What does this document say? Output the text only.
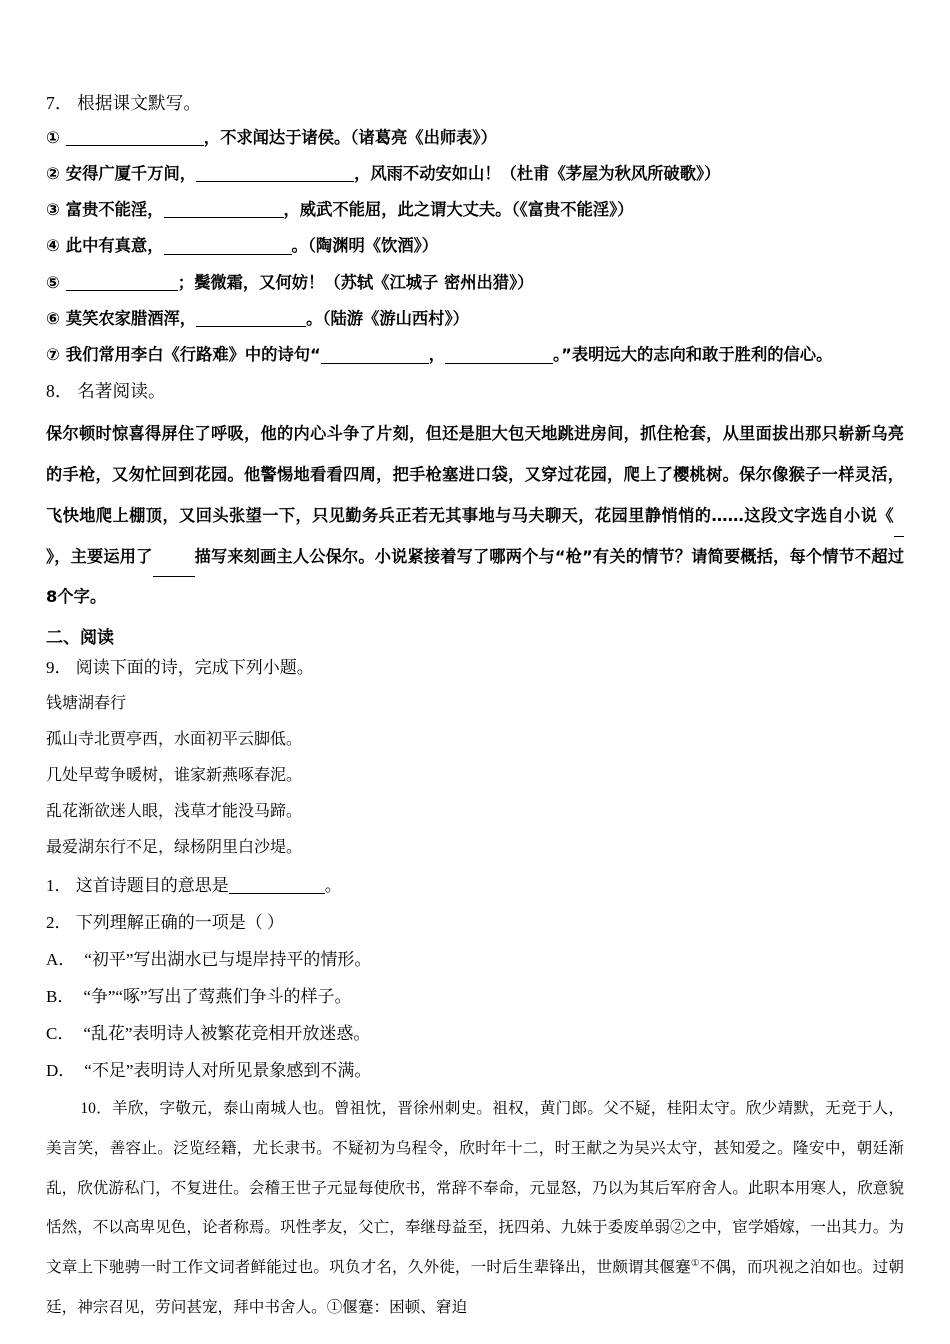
7． 根据课文默写。
①	，不求闻达于诸侯。（诸葛亮《出师表》）
② 安得广厦千万间，	，风雨不动安如山！（杜甫《茅屋为秋风所破歌》）
③ 富贵不能淫，	，威武不能屈，此之谓大丈夫。（《富贵不能淫》）
④ 此中有真意，	。（陶渊明《饮酒》）
⑤	；鬓微霜，又何妨！（苏轼《江城子 密州出猎》）
⑥ 莫笑农家腊酒浑，	。（陆游《游山西村》）
⑦ 我们常用李白《行路难》中的诗句“	，	。”表明远大的志向和敢于胜利的信心。
8． 名著阅读。

保尔顿时惊喜得屏住了呼吸，他的内心斗争了片刻，但还是胆大包天地跳进房间，抓住枪套，从里面拔出那只崭新乌亮的手枪，又匆忙回到花园。他警惕地看看四周，把手枪塞进口袋，又穿过花园，爬上了樱桃树。保尔像猴子一样灵活，飞快地爬上棚顶，又回头张望一下，只见勤务兵正若无其事地与马夫聊天，花园里静悄悄的……这段文字选自小说《》，主要运用了	描写来刻画主人公保尔。小说紧接着写了哪两个与“枪”有关的情节？请简要概括，每个情节不超过8个字。

二、阅读
9． 阅读下面的诗，完成下列小题。
钱塘湖春行
孤山寺北贾亭西，水面初平云脚低。
几处早莺争暖树，谁家新燕啄春泥。
乱花渐欲迷人眼，浅草才能没马蹄。
最爱湖东行不足，绿杨阴里白沙堤。
1． 这首诗题目的意思是	。
2． 下列理解正确的一项是（ ）
A． “初平”写出湖水已与堤岸持平的情形。
B． “争”“啄”写出了莺燕们争斗的样子。
C． “乱花”表明诗人被繁花竞相开放迷惑。
D． “不足”表明诗人对所见景象感到不满。

10．羊欣，字敬元，泰山南城人也。曾祖忱，晋徐州刺史。祖权，黄门郎。父不疑，桂阳太守。欣少靖默，无竞于人，美言笑，善容止。泛览经籍，尤长隶书。不疑初为乌程令，欣时年十二，时王献之为吴兴太守，甚知爱之。隆安中，朝廷渐乱，欣优游私门，不复进仕。会稽王世子元显每使欣书，常辞不奉命，元显怒，乃以为其后军府舍人。此职本用寒人，欣意貌恬然，不以高卑见色，论者称焉。巩性孝友，父亡，奉继母益至，抚四弟、九妹于委废单弱②之中，宦学婚嫁，一出其力。为文章上下驰骋一时工作文词者鲜能过也。巩负才名，久外徙，一时后生辈锋出，世颇谓其偃蹇①不偶，而巩视之泊如也。过朝廷，神宗召见，劳问甚宠，拜中书舍人。①偃蹇：困顿、窘迫
